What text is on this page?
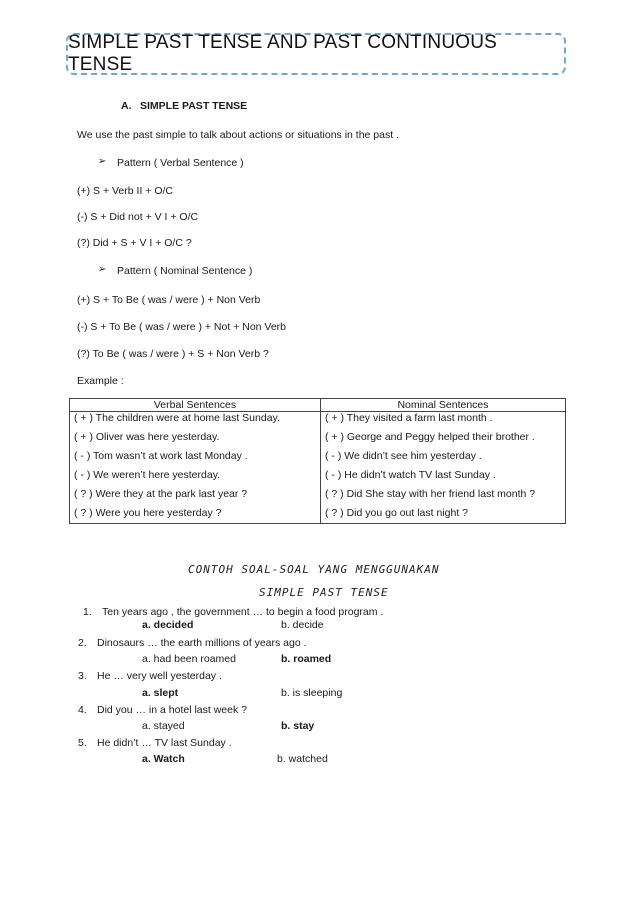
SIMPLE PAST TENSE AND PAST CONTINUOUS TENSE
A. SIMPLE PAST TENSE
We use the past simple to talk about actions or situations in the past .
➢ Pattern ( Verbal Sentence )
(+) S + Verb II + O/C
(-) S + Did not + V I + O/C
(?) Did + S + V I + O/C ?
➢ Pattern ( Nominal Sentence )
(+) S + To Be ( was / were ) + Non Verb
(-) S + To Be ( was / were ) + Not + Non Verb
(?) To Be ( was / were ) + S + Non Verb ?
Example :
Verbal Sentences	Nominal Sentences
( + ) The children were at home last Sunday.	( + ) They visited a farm last month .
( + ) Oliver was here yesterday.	( + ) George and Peggy helped their brother .
( - ) Tom wasn’t at work last Monday .	( - ) We didn’t see him yesterday .
( - ) We weren’t here yesterday.	( - ) He didn’t watch TV last Sunday .
( ? ) Were they at the park last year ?	( ? ) Did She stay with her friend last month ?
( ? ) Were you here yesterday ?	( ? ) Did you go out last night ?
CONTOH SOAL-SOAL YANG MENGGUNAKAN
SIMPLE PAST TENSE
1. Ten years ago , the government … to begin a food program .
a. decided	b. decide
2. Dinosaurs … the earth millions of years ago .
a. had been roamed	b. roamed
3. He … very well yesterday .
a. slept	b. is sleeping
4. Did you … in a hotel last week ?
a. stayed	b. stay
5. He didn’t … TV last Sunday .
a. Watch	b. watched
